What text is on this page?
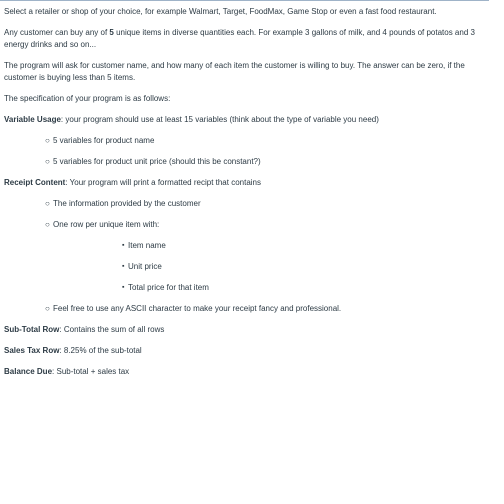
Select a retailer or shop of your choice, for example Walmart, Target, FoodMax, Game Stop or even a fast food restaurant.

Any customer can buy any of 5 unique items in diverse quantities each. For example 3 gallons of milk, and 4 pounds of potatos and 3 energy drinks and so on...

The program will ask for customer name, and how many of each item the customer is willing to buy. The answer can be zero, if the customer is buying less than 5 items.

The specification of your program is as follows:

Variable Usage: your program should use at least 15 variables (think about the type of variable you need)

○ 5 variables for product name
○ 5 variables for product unit price (should this be constant?)

Receipt Content: Your program will print a formatted recipt that contains

○ The information provided by the customer
○ One row per unique item with:
▪ Item name
▪ Unit price
▪ Total price for that item
○ Feel free to use any ASCII character to make your receipt fancy and professional.

Sub-Total Row: Contains the sum of all rows

Sales Tax Row: 8.25% of the sub-total

Balance Due: Sub-total + sales tax
